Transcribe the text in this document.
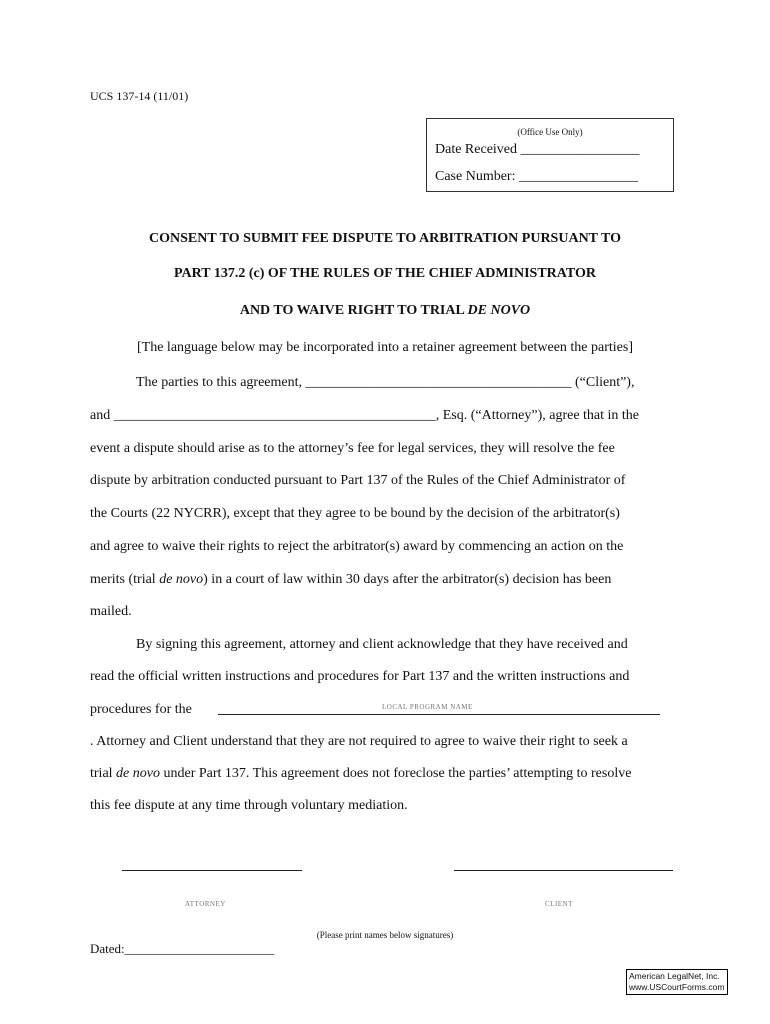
UCS 137-14 (11/01)
(Office Use Only)
Date Received _________________
Case Number: _________________
CONSENT TO SUBMIT FEE DISPUTE TO ARBITRATION PURSUANT TO
PART 137.2 (c) OF THE RULES OF THE CHIEF ADMINISTRATOR
AND TO WAIVE RIGHT TO TRIAL DE NOVO
[The language below may be incorporated into a retainer agreement between the parties]
The parties to this agreement, ______________________________________ (“Client”),
and ______________________________________________, Esq. (“Attorney”), agree that in the
event a dispute should arise as to the attorney’s fee for legal services, they will resolve the fee
dispute by arbitration conducted pursuant to Part 137 of the Rules of the Chief Administrator of
the Courts (22 NYCRR), except that they agree to be bound by the decision of the arbitrator(s)
and agree to waive their rights to reject the arbitrator(s) award by commencing an action on the
merits (trial de novo) in a court of law within 30 days after the arbitrator(s) decision has been
mailed.
By signing this agreement, attorney and client acknowledge that they have received and
read the official written instructions and procedures for Part 137 and the written instructions and
procedures for the	LOCAL PROGRAM NAME
. Attorney and Client understand that they are not required to agree to waive their right to seek a
trial de novo under Part 137. This agreement does not foreclose the parties’ attempting to resolve
this fee dispute at any time through voluntary mediation.
ATTORNEY	CLIENT
(Please print names below signatures)
Dated:_______________________
American LegalNet, Inc.
www.USCourtForms.com
